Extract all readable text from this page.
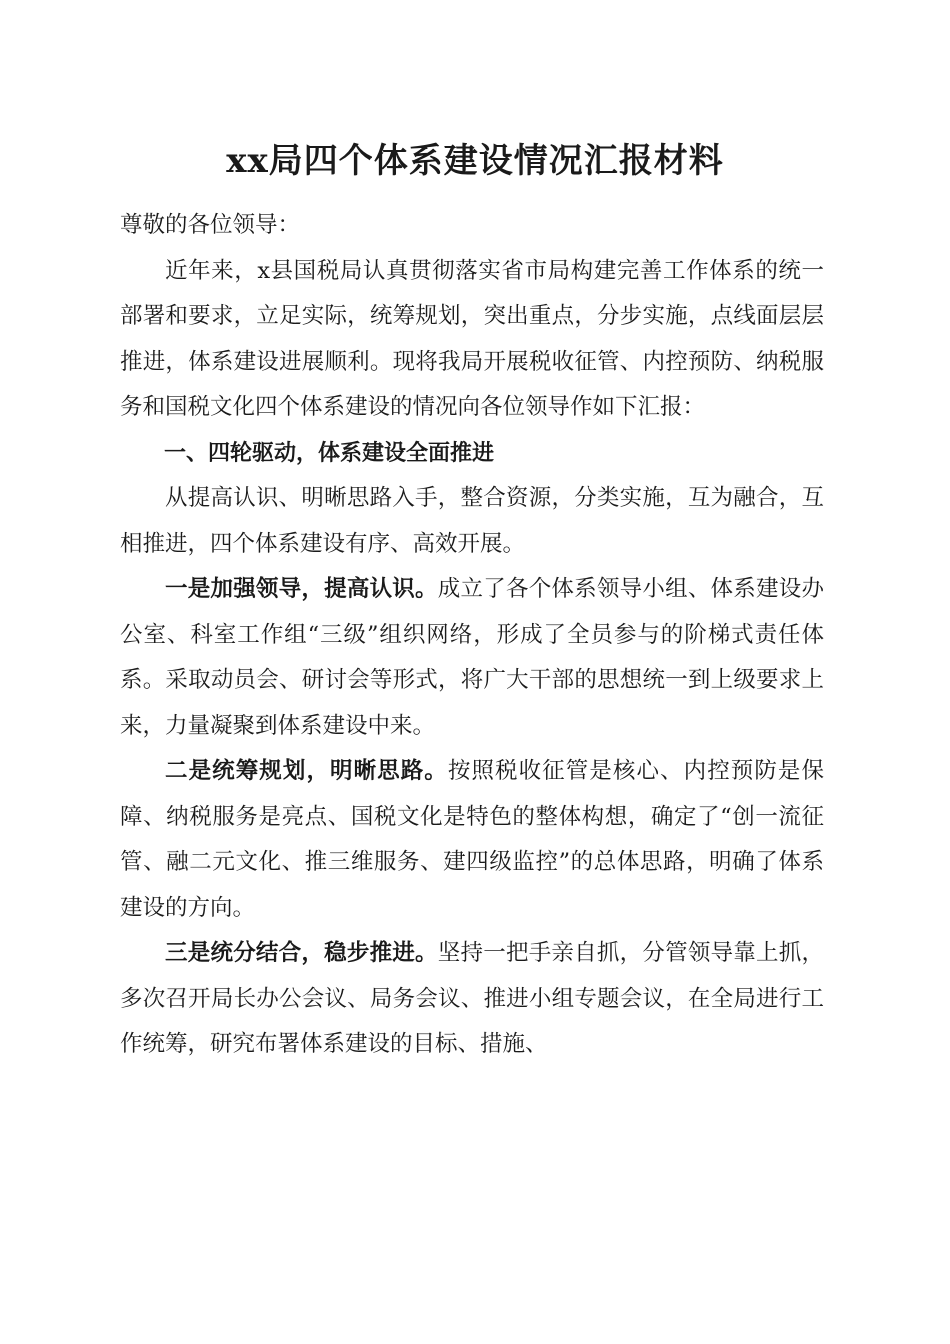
xx局四个体系建设情况汇报材料

尊敬的各位领导：

近年来，x县国税局认真贯彻落实省市局构建完善工作体系的统一部署和要求，立足实际，统筹规划，突出重点，分步实施，点线面层层推进，体系建设进展顺利。现将我局开展税收征管、内控预防、纳税服务和国税文化四个体系建设的情况向各位领导作如下汇报：

一、四轮驱动，体系建设全面推进

从提高认识、明晰思路入手，整合资源，分类实施，互为融合，互相推进，四个体系建设有序、高效开展。

一是加强领导，提高认识。成立了各个体系领导小组、体系建设办公室、科室工作组“三级”组织网络，形成了全员参与的阶梯式责任体系。采取动员会、研讨会等形式，将广大干部的思想统一到上级要求上来，力量凝聚到体系建设中来。

二是统筹规划，明晰思路。按照税收征管是核心、内控预防是保障、纳税服务是亮点、国税文化是特色的整体构想，确定了“创一流征管、融二元文化、推三维服务、建四级监控”的总体思路，明确了体系建设的方向。

三是统分结合，稳步推进。坚持一把手亲自抓，分管领导靠上抓，多次召开局长办公会议、局务会议、推进小组专题会议，在全局进行工作统筹，研究布署体系建设的目标、措施、
